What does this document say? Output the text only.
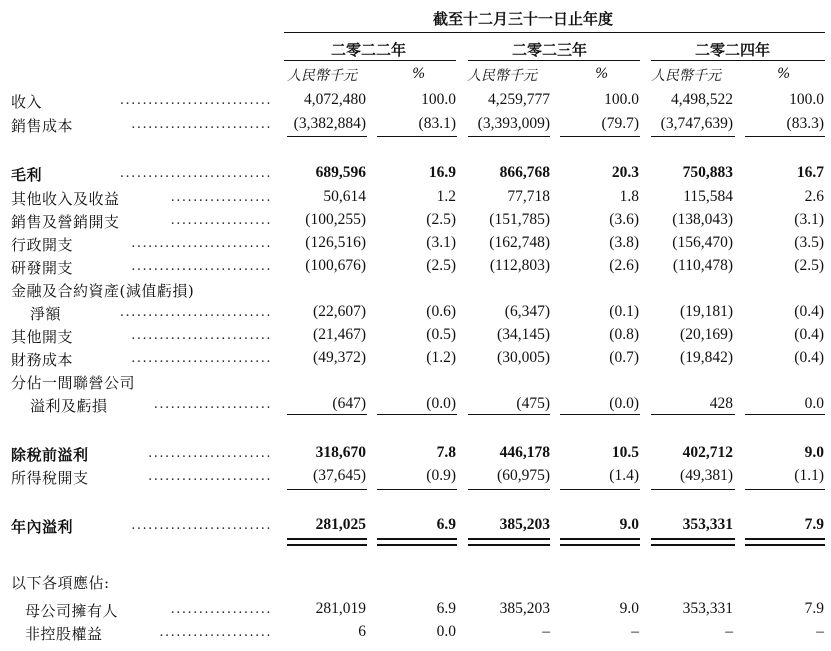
截至十二月三十一日止年度
二零二二年	二零二三年	二零二四年
人民幣千元	%	人民幣千元	%	人民幣千元	%
收入	........................... 4,072,480	100.0 4,259,777	100.0 4,498,522	100.0
銷售成本	......................... (3,382,884)	(83.1) (3,393,009)	(79.7) (3,747,639)	(83.3)
毛利	...........................	689,596	16.9	866,768	20.3	750,883	16.7
其他收入及收益	..................	50,614	1.2	77,718	1.8	115,584	2.6
銷售及營銷開支	.................. (100,255)	(2.5) (151,785)	(3.6) (138,043)	(3.1)
行政開支	......................... (126,516)	(3.1) (162,748)	(3.8) (156,470)	(3.5)
研發開支	......................... (100,676)	(2.5) (112,803)	(2.6) (110,478)	(2.5)
金融及合約資產(減值虧損)
淨額	...........................	(22,607)	(0.6)	(6,347)	(0.1)	(19,181)	(0.4)
其他開支	.........................	(21,467)	(0.5)	(34,145)	(0.8)	(20,169)	(0.4)
財務成本	.........................	(49,372)	(1.2)	(30,005)	(0.7)	(19,842)	(0.4)
分佔一間聯營公司
溢利及虧損	.....................	(647)	(0.0)	(475)	(0.0)	428	0.0
除稅前溢利	......................	318,670	7.8	446,178	10.5	402,712	9.0
所得稅開支	......................	(37,645)	(0.9)	(60,975)	(1.4)	(49,381)	(1.1)
年內溢利	.........................	281,025	6.9	385,203	9.0	353,331	7.9
以下各項應佔:
母公司擁有人	..................	281,019	6.9	385,203	9.0	353,331	7.9
非控股權益	....................	6	0.0	–	–	–	–
